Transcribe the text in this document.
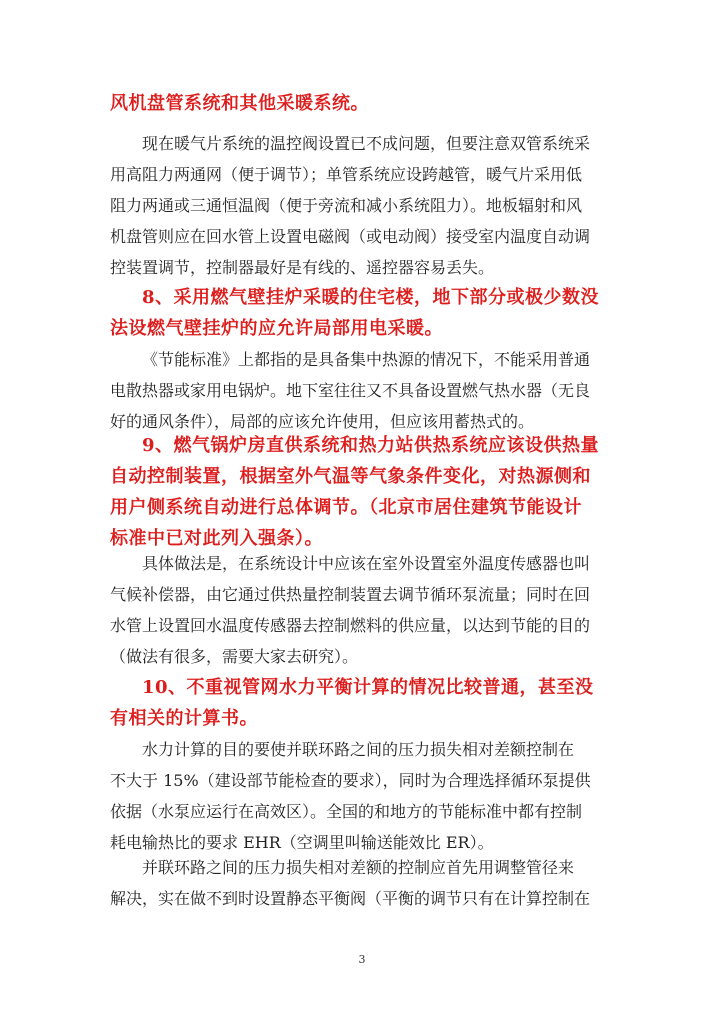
风机盘管系统和其他采暖系统。
现在暖气片系统的温控阀设置已不成问题，但要注意双管系统采
用高阻力两通网（便于调节）；单管系统应设跨越管，暖气片采用低
阻力两通或三通恒温阀（便于旁流和减小系统阻力）。地板辐射和风
机盘管则应在回水管上设置电磁阀（或电动阀）接受室内温度自动调
控装置调节，控制器最好是有线的、遥控器容易丢失。
8、采用燃气壁挂炉采暖的住宅楼，地下部分或极少数没
法设燃气壁挂炉的应允许局部用电采暖。
《节能标准》上都指的是具备集中热源的情况下，不能采用普通
电散热器或家用电锅炉。地下室往往又不具备设置燃气热水器（无良
好的通风条件），局部的应该允许使用，但应该用蓄热式的。
9、燃气锅炉房直供系统和热力站供热系统应该设供热量
自动控制装置，根据室外气温等气象条件变化，对热源侧和
用户侧系统自动进行总体调节。（北京市居住建筑节能设计
标准中已对此列入强条）。
具体做法是，在系统设计中应该在室外设置室外温度传感器也叫
气候补偿器，由它通过供热量控制装置去调节循环泵流量；同时在回
水管上设置回水温度传感器去控制燃料的供应量，以达到节能的目的
（做法有很多，需要大家去研究）。
10、不重视管网水力平衡计算的情况比较普通，甚至没
有相关的计算书。
水力计算的目的要使并联环路之间的压力损失相对差额控制在
不大于 15%（建设部节能检查的要求），同时为合理选择循环泵提供
依据（水泵应运行在高效区）。全国的和地方的节能标准中都有控制
耗电输热比的要求 EHR（空调里叫输送能效比 ER）。
并联环路之间的压力损失相对差额的控制应首先用调整管径来
解决，实在做不到时设置静态平衡阀（平衡的调节只有在计算控制在
3
